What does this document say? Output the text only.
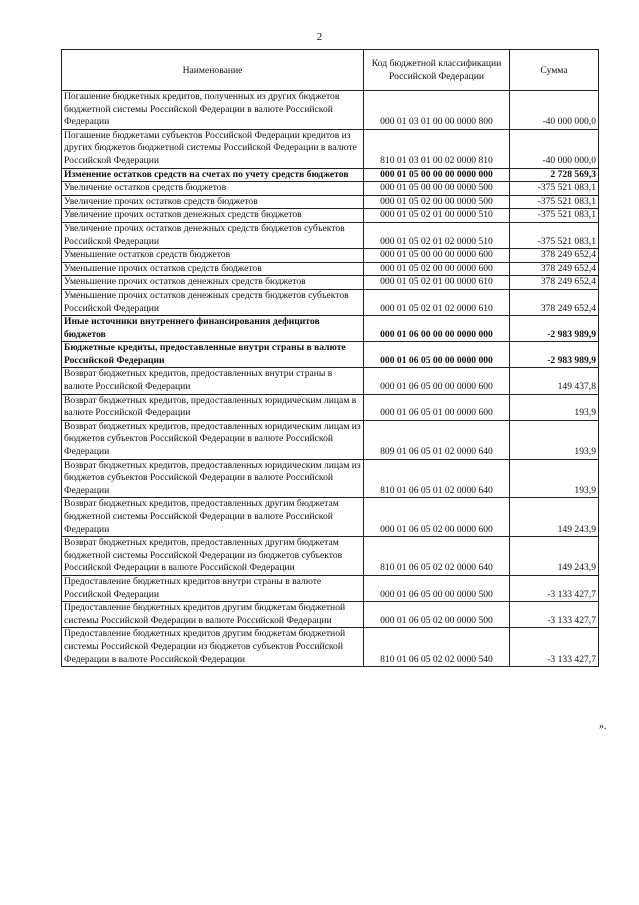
2
Наименование	Код бюджетной классификации Российской Федерации	Сумма
Погашение бюджетных кредитов, полученных из других бюджетов бюджетной системы Российской Федерации в валюте Российской Федерации	000 01 03 01 00 00 0000 800	-40 000 000,0
Погашение бюджетами субъектов Российской Федерации кредитов из других бюджетов бюджетной системы Российской Федерации в валюте Российской Федерации	810 01 03 01 00 02 0000 810	-40 000 000,0
Изменение остатков средств на счетах по учету средств бюджетов	000 01 05 00 00 00 0000 000	2 728 569,3
Увеличение остатков средств бюджетов	000 01 05 00 00 00 0000 500	-375 521 083,1
Увеличение прочих остатков средств бюджетов	000 01 05 02 00 00 0000 500	-375 521 083,1
Увеличение прочих остатков денежных средств бюджетов	000 01 05 02 01 00 0000 510	-375 521 083,1
Увеличение прочих остатков денежных средств бюджетов субъектов Российской Федерации	000 01 05 02 01 02 0000 510	-375 521 083,1
Уменьшение остатков средств бюджетов	000 01 05 00 00 00 0000 600	378 249 652,4
Уменьшение прочих остатков средств бюджетов	000 01 05 02 00 00 0000 600	378 249 652,4
Уменьшение прочих остатков денежных средств бюджетов	000 01 05 02 01 00 0000 610	378 249 652,4
Уменьшение прочих остатков денежных средств бюджетов субъектов Российской Федерации	000 01 05 02 01 02 0000 610	378 249 652,4
Иные источники внутреннего финансирования дефицитов бюджетов	000 01 06 00 00 00 0000 000	-2 983 989,9
Бюджетные кредиты, предоставленные внутри страны в валюте Российской Федерации	000 01 06 05 00 00 0000 000	-2 983 989,9
Возврат бюджетных кредитов, предоставленных внутри страны в валюте Российской Федерации	000 01 06 05 00 00 0000 600	149 437,8
Возврат бюджетных кредитов, предоставленных юридическим лицам в валюте Российской Федерации	000 01 06 05 01 00 0000 600	193,9
Возврат бюджетных кредитов, предоставленных юридическим лицам из бюджетов субъектов Российской Федерации в валюте Российской Федерации	809 01 06 05 01 02 0000 640	193,9
Возврат бюджетных кредитов, предоставленных юридическим лицам из бюджетов субъектов Российской Федерации в валюте Российской Федерации	810 01 06 05 01 02 0000 640	193,9
Возврат бюджетных кредитов, предоставленных другим бюджетам бюджетной системы Российской Федерации в валюте Российской Федерации	000 01 06 05 02 00 0000 600	149 243,9
Возврат бюджетных кредитов, предоставленных другим бюджетам бюджетной системы Российской Федерации из бюджетов субъектов Российской Федерации в валюте Российской Федерации	810 01 06 05 02 02 0000 640	149 243,9
Предоставление бюджетных кредитов внутри страны в валюте Российской Федерации	000 01 06 05 00 00 0000 500	-3 133 427,7
Предоставление бюджетных кредитов другим бюджетам бюджетной системы Российской Федерации в валюте Российской Федерации	000 01 06 05 02 00 0000 500	-3 133 427,7
Предоставление бюджетных кредитов другим бюджетам бюджетной системы Российской Федерации из бюджетов субъектов Российской Федерации в валюте Российской Федерации	810 01 06 05 02 02 0000 540	-3 133 427,7
».
